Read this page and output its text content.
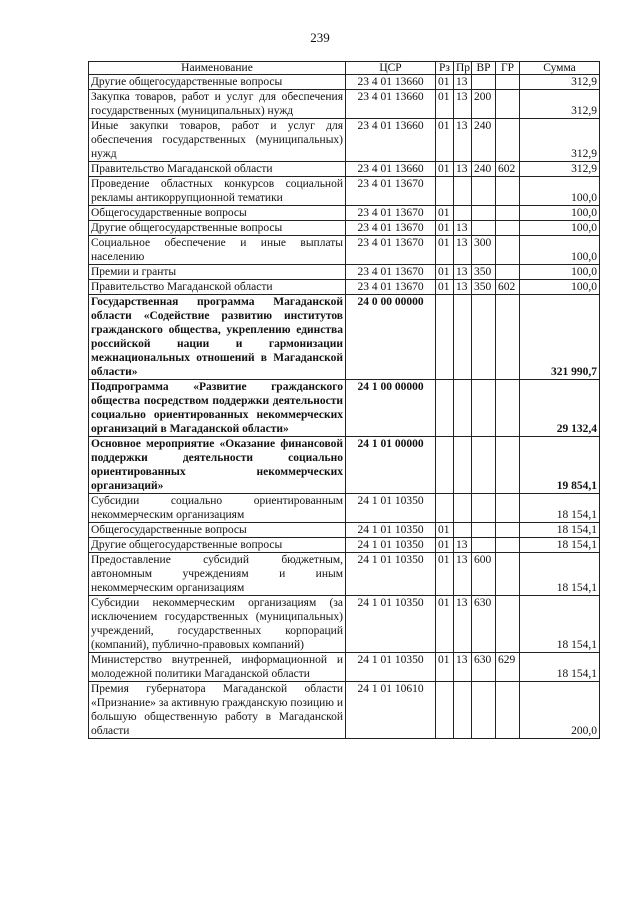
239
Наименование	ЦСР	Рз	Пр	ВР	ГР	Сумма
Другие общегосударственные вопросы	23 4 01 13660	01	13			312,9
Закупка товаров, работ и услуг для обеспечения государственных (муниципальных) нужд	23 4 01 13660	01	13	200		312,9
Иные закупки товаров, работ и услуг для обеспечения государственных (муниципальных) нужд	23 4 01 13660	01	13	240		312,9
Правительство Магаданской области	23 4 01 13660	01	13	240	602	312,9
Проведение областных конкурсов социальной рекламы антикоррупционной тематики	23 4 01 13670					100,0
Общегосударственные вопросы	23 4 01 13670	01				100,0
Другие общегосударственные вопросы	23 4 01 13670	01	13			100,0
Социальное обеспечение и иные выплаты населению	23 4 01 13670	01	13	300		100,0
Премии и гранты	23 4 01 13670	01	13	350		100,0
Правительство Магаданской области	23 4 01 13670	01	13	350	602	100,0
Государственная программа Магаданской области «Содействие развитию институтов гражданского общества, укреплению единства российской нации и гармонизации межнациональных отношений в Магаданской области»	24 0 00 00000					321 990,7
Подпрограмма «Развитие гражданского общества посредством поддержки деятельности социально ориентированных некоммерческих организаций в Магаданской области»	24 1 00 00000					29 132,4
Основное мероприятие «Оказание финансовой поддержки деятельности социально ориентированных некоммерческих организаций»	24 1 01 00000					19 854,1
Субсидии социально ориентированным некоммерческим организациям	24 1 01 10350					18 154,1
Общегосударственные вопросы	24 1 01 10350	01				18 154,1
Другие общегосударственные вопросы	24 1 01 10350	01	13			18 154,1
Предоставление субсидий бюджетным, автономным учреждениям и иным некоммерческим организациям	24 1 01 10350	01	13	600		18 154,1
Субсидии некоммерческим организациям (за исключением государственных (муниципальных) учреждений, государственных корпораций (компаний), публично-правовых компаний)	24 1 01 10350	01	13	630		18 154,1
Министерство внутренней, информационной и молодежной политики Магаданской области	24 1 01 10350	01	13	630	629	18 154,1
Премия губернатора Магаданской области «Признание» за активную гражданскую позицию и большую общественную работу в Магаданской области	24 1 01 10610					200,0
